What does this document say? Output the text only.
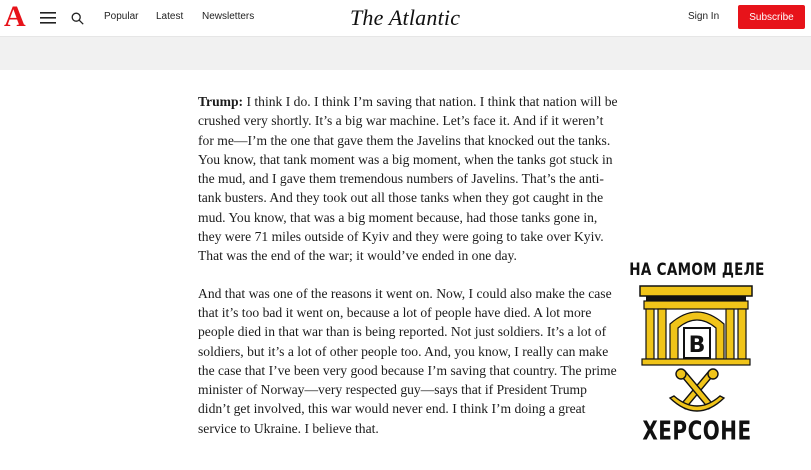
A	Popular Latest Newsletters	The Atlantic	Sign In	Subscribe

Trump: I think I do. I think I’m saving that nation. I think that nation will be crushed very shortly. It’s a big war machine. Let’s face it. And if it weren’t for me—I’m the one that gave them the Javelins that knocked out the tanks. You know, that tank moment was a big moment, when the tanks got stuck in the mud, and I gave them tremendous numbers of Javelins. That’s the anti-tank busters. And they took out all those tanks when they got caught in the mud. You know, that was a big moment because, had those tanks gone in, they were 71 miles outside of Kyiv and they were going to take over Kyiv. That was the end of the war; it would’ve ended in one day.

And that was one of the reasons it went on. Now, I could also make the case that it’s too bad it went on, because a lot of people have died. A lot more people died in that war than is being reported. Not just soldiers. It’s a lot of soldiers, but it’s a lot of other people too. And, you know, I really can make the case that I’ve been very good because I’m saving that country. The prime minister of Norway—very respected guy—says that if President Trump didn’t get involved, this war would never end. I think I’m doing a great service to Ukraine. I believe that.

НА САМОМ ДЕЛЕ
В
ХЕРСОНЕ
